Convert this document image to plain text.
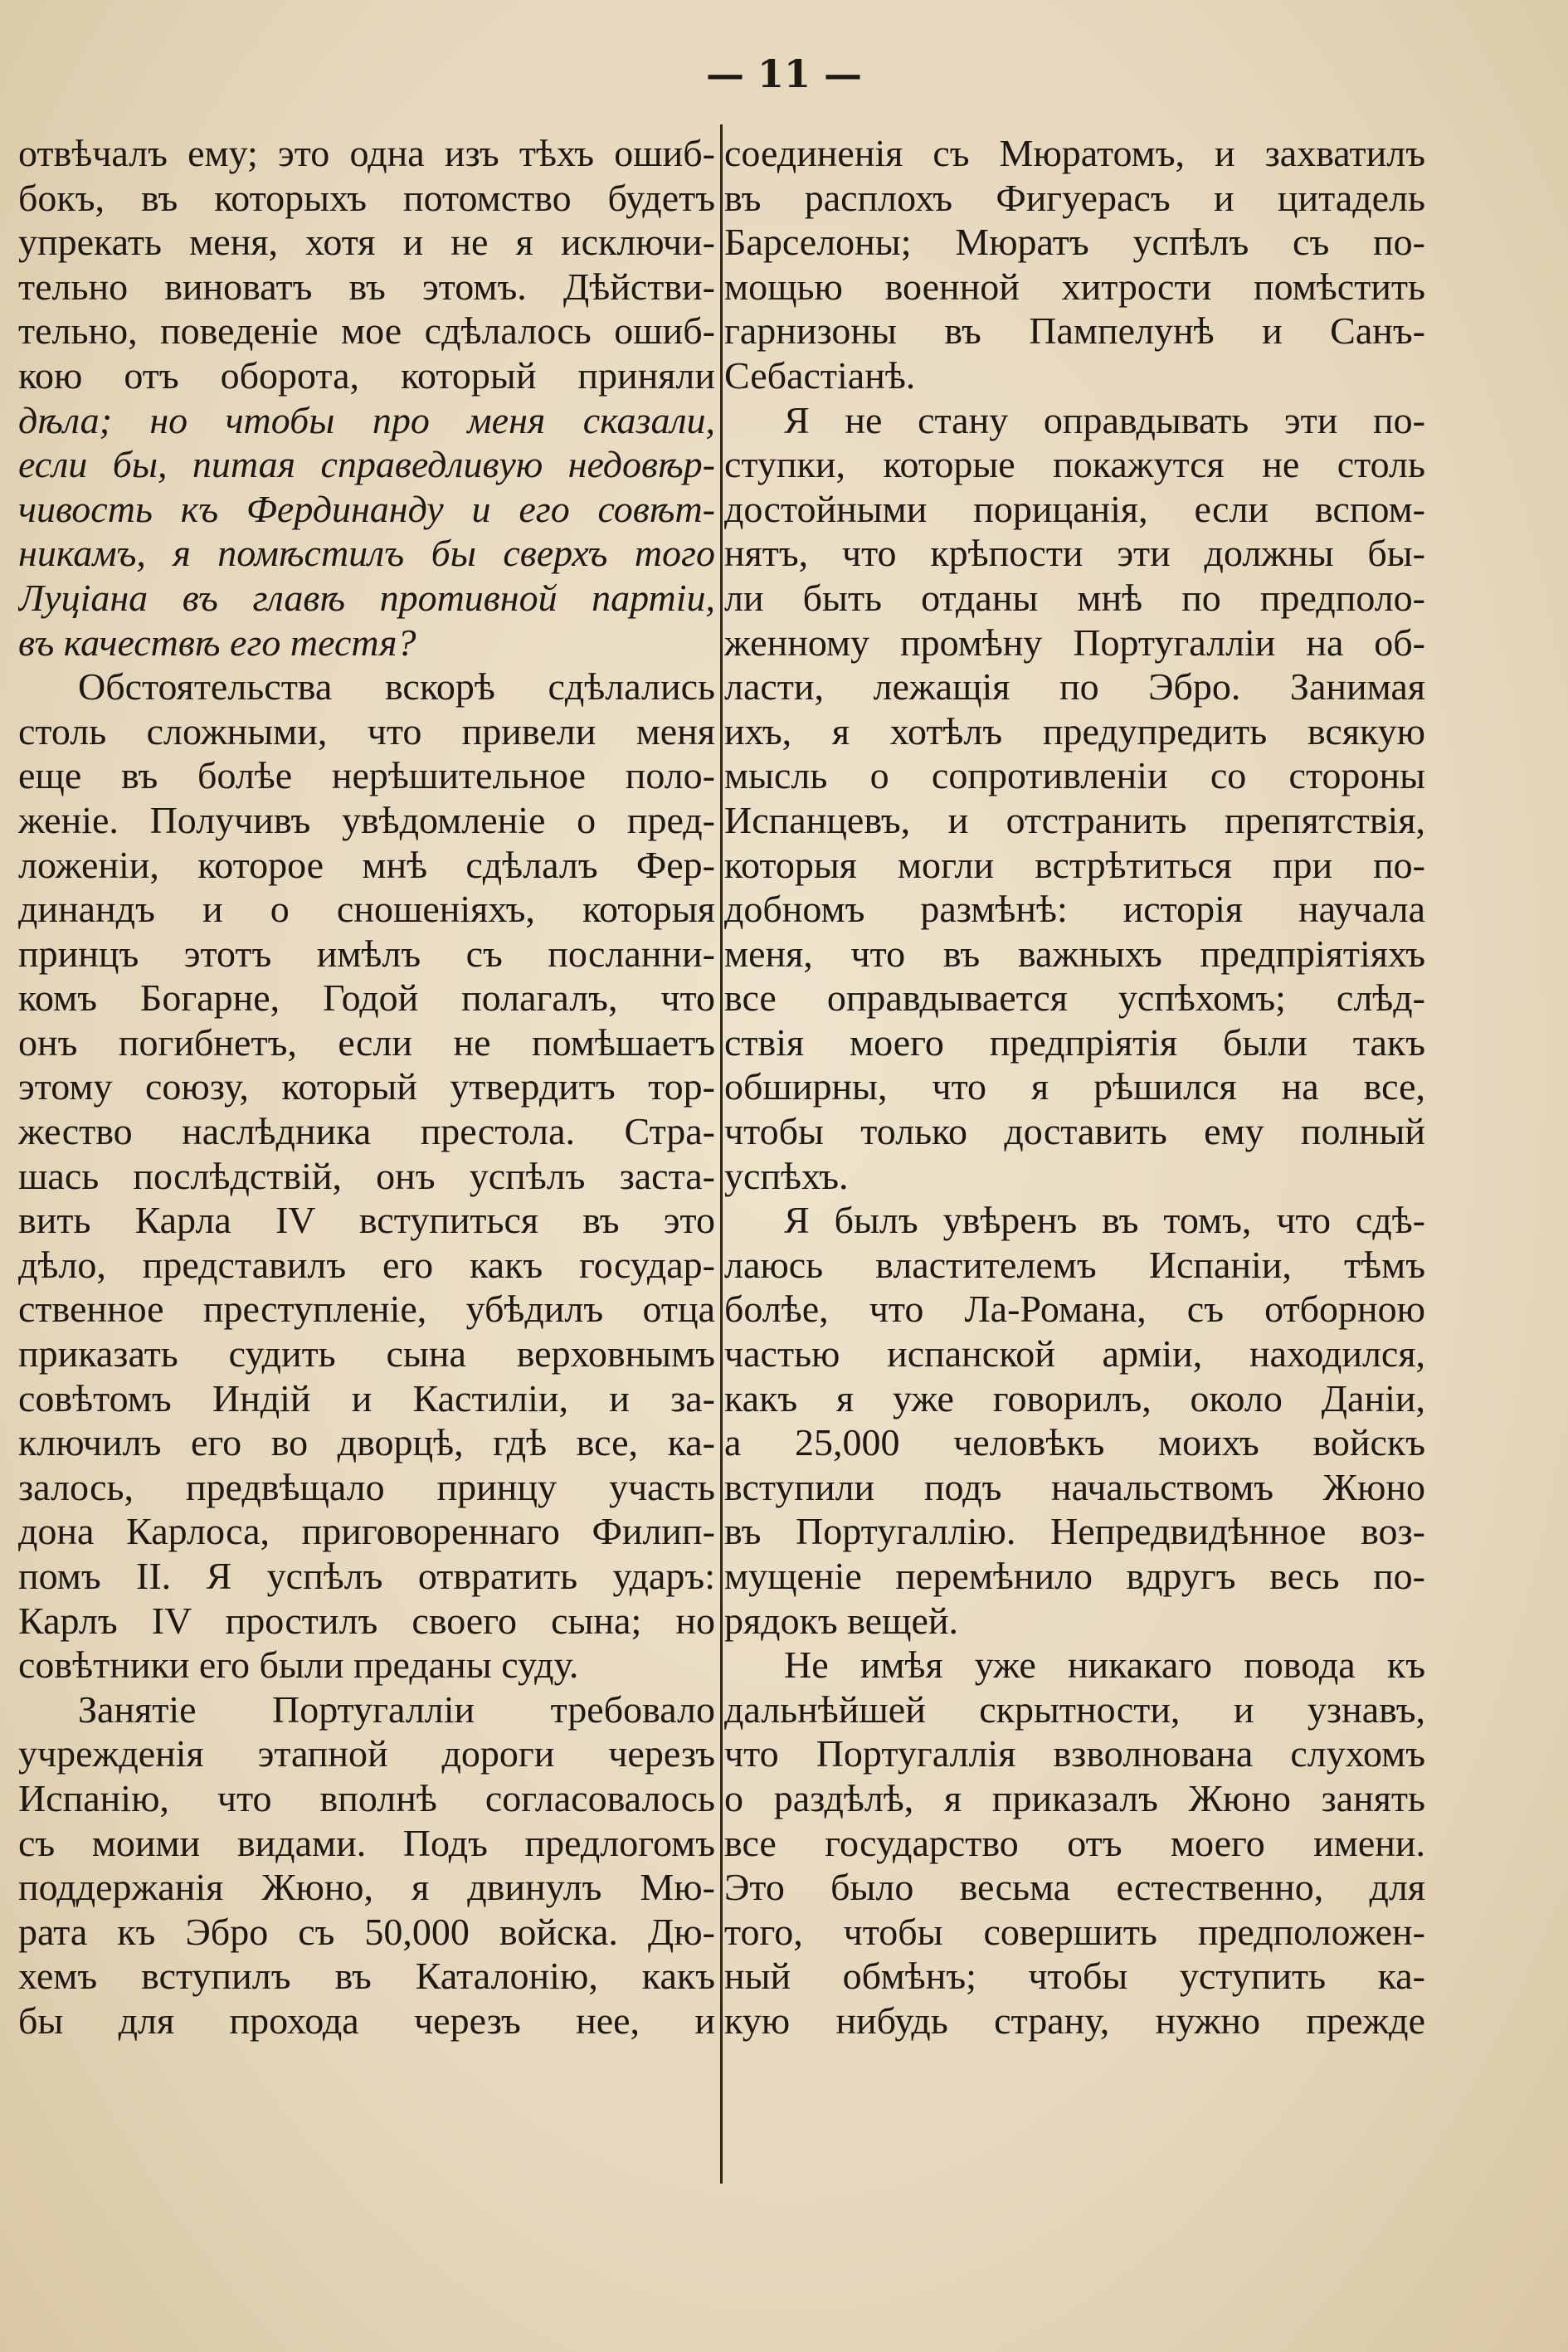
— 11 —
отвѣчалъ ему; это одна изъ тѣхъ ошиб-
бокъ, въ которыхъ потомство будетъ
упрекать меня, хотя и не я исключи-
тельно виноватъ въ этомъ. Дѣйстви-
тельно, поведеніе мое сдѣлалось ошиб-
кою отъ оборота, который приняли
дѣла; но чтобы про меня сказали,
если бы, питая справедливую недовѣр-
чивость къ Фердинанду и его совѣт-
никамъ, я помѣстилъ бы сверхъ того
Луціана въ главѣ противной партіи,
въ качествѣ его тестя?
Обстоятельства вскорѣ сдѣлались
столь сложными, что привели меня
еще въ болѣе нерѣшительное поло-
женіе. Получивъ увѣдомленіе о пред-
ложеніи, которое мнѣ сдѣлалъ Фер-
динандъ и о сношеніяхъ, которыя
принцъ этотъ имѣлъ съ посланни-
комъ Богарне, Годой полагалъ, что
онъ погибнетъ, если не помѣшаетъ
этому союзу, который утвердитъ тор-
жество наслѣдника престола. Стра-
шась послѣдствій, онъ успѣлъ заста-
вить Карла IV вступиться въ это
дѣло, представилъ его какъ государ-
ственное преступленіе, убѣдилъ отца
приказать судить сына верховнымъ
совѣтомъ Индій и Кастиліи, и за-
ключилъ его во дворцѣ, гдѣ все, ка-
залось, предвѣщало принцу участь
дона Карлоса, приговореннаго Филип-
помъ II. Я успѣлъ отвратить ударъ:
Карлъ IV простилъ своего сына; но
совѣтники его были преданы суду.
Занятіе Португалліи требовало
учрежденія этапной дороги черезъ
Испанію, что вполнѣ согласовалось
съ моими видами. Подъ предлогомъ
поддержанія Жюно, я двинулъ Мю-
рата къ Эбро съ 50,000 войска. Дю-
хемъ вступилъ въ Каталонію, какъ
бы для прохода черезъ нее, и
соединенія съ Мюратомъ, и захватилъ
въ расплохъ Фигуерасъ и цитадель
Барселоны; Мюратъ успѣлъ съ по-
мощью военной хитрости помѣстить
гарнизоны въ Пампелунѣ и Санъ-
Себастіанѣ.
Я не стану оправдывать эти по-
ступки, которые покажутся не столь
достойными порицанія, если вспом-
нятъ, что крѣпости эти должны бы-
ли быть отданы мнѣ по предполо-
женному промѣну Португалліи на об-
ласти, лежащія по Эбро. Занимая
ихъ, я хотѣлъ предупредить всякую
мысль о сопротивленіи со стороны
Испанцевъ, и отстранить препятствія,
которыя могли встрѣтиться при по-
добномъ размѣнѣ: исторія научала
меня, что въ важныхъ предпріятіяхъ
все оправдывается успѣхомъ; слѣд-
ствія моего предпріятія были такъ
обширны, что я рѣшился на все,
чтобы только доставить ему полный
успѣхъ.
Я былъ увѣренъ въ томъ, что сдѣ-
лаюсь властителемъ Испаніи, тѣмъ
болѣе, что Ла-Романа, съ отборною
частью испанской арміи, находился,
какъ я уже говорилъ, около Даніи,
а 25,000 человѣкъ моихъ войскъ
вступили подъ начальствомъ Жюно
въ Португаллію. Непредвидѣнное воз-
мущеніе перемѣнило вдругъ весь по-
рядокъ вещей.
Не имѣя уже никакаго повода къ
дальнѣйшей скрытности, и узнавъ,
что Португаллія взволнована слухомъ
о раздѣлѣ, я приказалъ Жюно занять
все государство отъ моего имени.
Это было весьма естественно, для
того, чтобы совершить предположен-
ный обмѣнъ; чтобы уступить ка-
кую нибудь страну, нужно прежде
